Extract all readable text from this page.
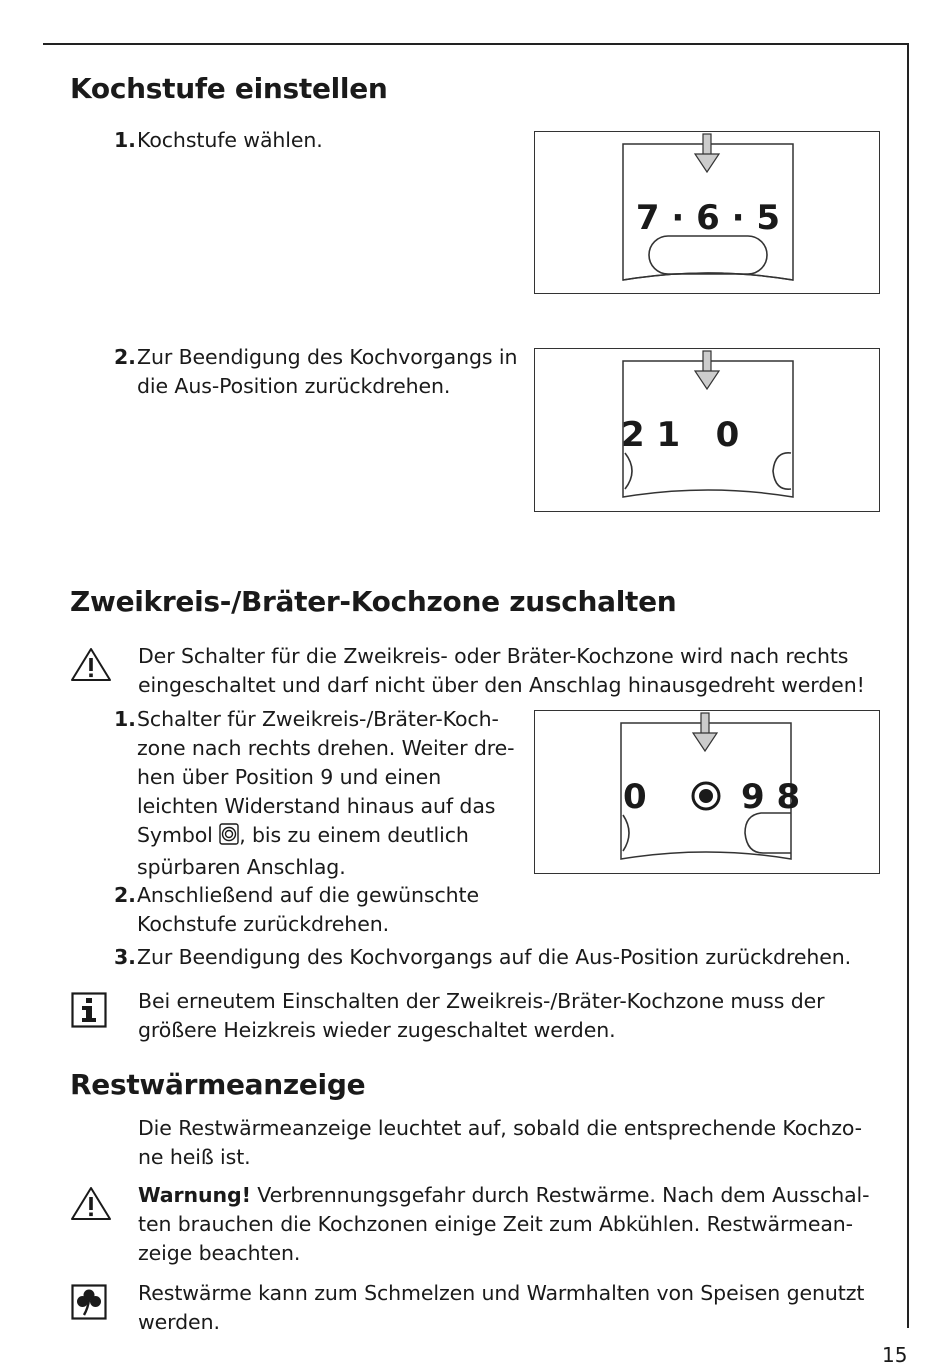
Kochstufe einstellen
1.Kochstufe wählen.
7 · 6 · 5
2.Zur Beendigung des Kochvorgangs in
die Aus-Position zurückdrehen.
2 1   0
Zweikreis-/Bräter-Kochzone zuschalten
Der Schalter für die Zweikreis- oder Bräter-Kochzone wird nach rechts
eingeschaltet und darf nicht über den Anschlag hinausgedreht werden!
1.Schalter für Zweikreis-/Bräter-Koch-
zone nach rechts drehen. Weiter dre-
hen über Position 9 und einen
leichten Widerstand hinaus auf das
Symbol , bis zu einem deutlich
spürbaren Anschlag.
0	9 8
2.Anschließend auf die gewünschte
Kochstufe zurückdrehen.
3.Zur Beendigung des Kochvorgangs auf die Aus-Position zurückdrehen.
Bei erneutem Einschalten der Zweikreis-/Bräter-Kochzone muss der
größere Heizkreis wieder zugeschaltet werden.
Restwärmeanzeige
Die Restwärmeanzeige leuchtet auf, sobald die entsprechende Kochzo-
ne heiß ist.
Warnung! Verbrennungsgefahr durch Restwärme. Nach dem Ausschal-
ten brauchen die Kochzonen einige Zeit zum Abkühlen. Restwärmean-
zeige beachten.
Restwärme kann zum Schmelzen und Warmhalten von Speisen genutzt
werden.
15
